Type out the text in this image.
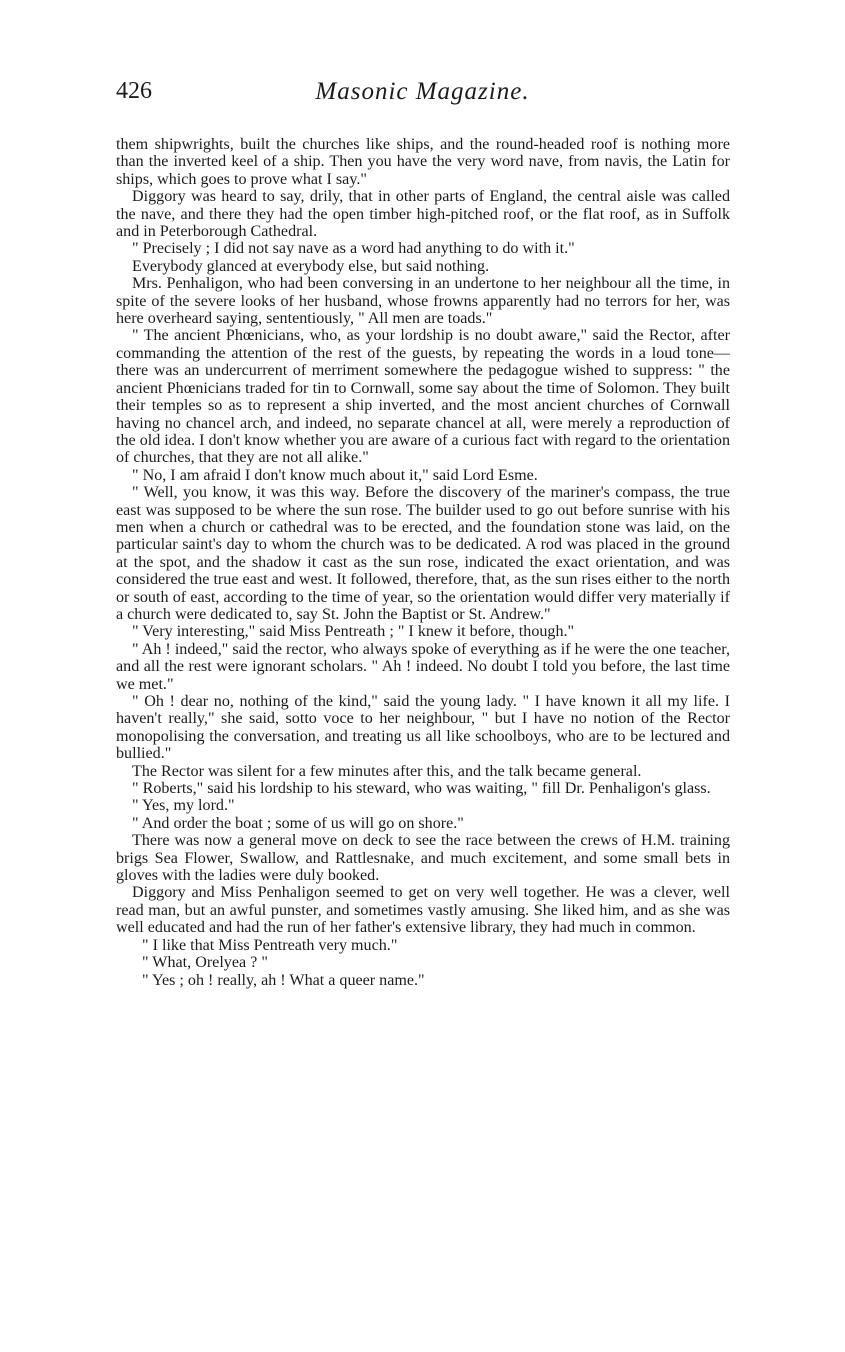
426	Masonic Magazine.

them shipwrights, built the churches like ships, and the round-headed roof is nothing more than the inverted keel of a ship. Then you have the very word nave, from navis, the Latin for ships, which goes to prove what I say."

Diggory was heard to say, drily, that in other parts of England, the central aisle was called the nave, and there they had the open timber high-pitched roof, or the flat roof, as in Suffolk and in Peterborough Cathedral.

" Precisely ; I did not say nave as a word had anything to do with it."

Everybody glanced at everybody else, but said nothing.

Mrs. Penhaligon, who had been conversing in an undertone to her neighbour all the time, in spite of the severe looks of her husband, whose frowns apparently had no terrors for her, was here overheard saying, sententiously, " All men are toads."

" The ancient Phœnicians, who, as your lordship is no doubt aware," said the Rector, after commanding the attention of the rest of the guests, by repeating the words in a loud tone—there was an undercurrent of merriment somewhere the pedagogue wished to suppress: " the ancient Phœnicians traded for tin to Cornwall, some say about the time of Solomon. They built their temples so as to represent a ship inverted, and the most ancient churches of Cornwall having no chancel arch, and indeed, no separate chancel at all, were merely a reproduction of the old idea. I don't know whether you are aware of a curious fact with regard to the orientation of churches, that they are not all alike."

" No, I am afraid I don't know much about it," said Lord Esme.

" Well, you know, it was this way. Before the discovery of the mariner's compass, the true east was supposed to be where the sun rose. The builder used to go out before sunrise with his men when a church or cathedral was to be erected, and the foundation stone was laid, on the particular saint's day to whom the church was to be dedicated. A rod was placed in the ground at the spot, and the shadow it cast as the sun rose, indicated the exact orientation, and was considered the true east and west. It followed, therefore, that, as the sun rises either to the north or south of east, according to the time of year, so the orientation would differ very materially if a church were dedicated to, say St. John the Baptist or St. Andrew."

" Very interesting," said Miss Pentreath ; " I knew it before, though."

" Ah ! indeed," said the rector, who always spoke of everything as if he were the one teacher, and all the rest were ignorant scholars. " Ah ! indeed. No doubt I told you before, the last time we met."

" Oh ! dear no, nothing of the kind," said the young lady. " I have known it all my life. I haven't really," she said, sotto voce to her neighbour, " but I have no notion of the Rector monopolising the conversation, and treating us all like schoolboys, who are to be lectured and bullied."

The Rector was silent for a few minutes after this, and the talk became general.

" Roberts," said his lordship to his steward, who was waiting, " fill Dr. Penhaligon's glass.

" Yes, my lord."

" And order the boat ; some of us will go on shore."

There was now a general move on deck to see the race between the crews of H.M. training brigs Sea Flower, Swallow, and Rattlesnake, and much excitement, and some small bets in gloves with the ladies were duly booked.

Diggory and Miss Penhaligon seemed to get on very well together. He was a clever, well read man, but an awful punster, and sometimes vastly amusing. She liked him, and as she was well educated and had the run of her father's extensive library, they had much in common.

" I like that Miss Pentreath very much."

" What, Orelyea ? "

" Yes ; oh ! really, ah ! What a queer name."
